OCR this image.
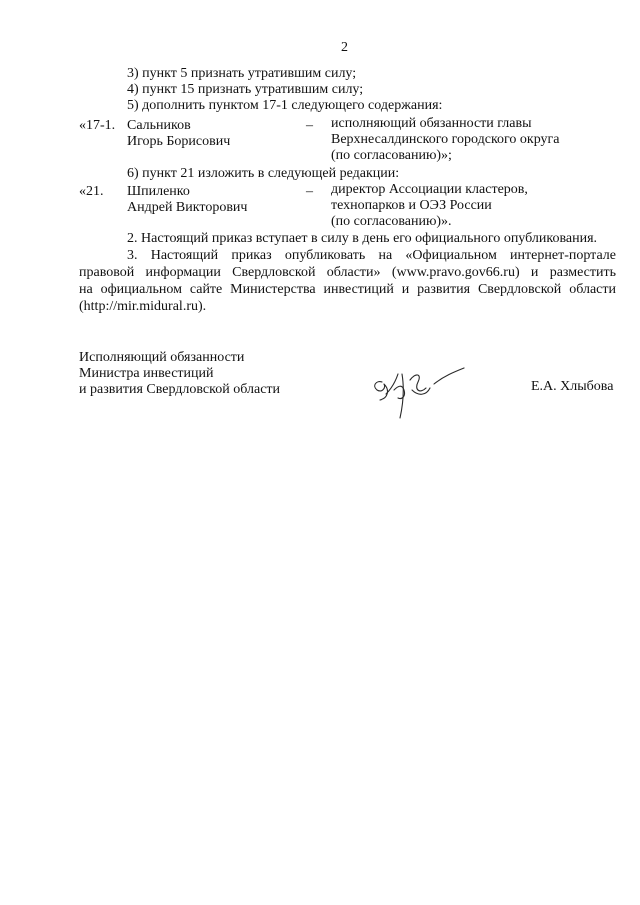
2
3) пункт 5 признать утратившим силу;
4) пункт 15 признать утратившим силу;
5) дополнить пунктом 17-1 следующего содержания:
«17-1. Сальников
Игорь Борисович
– исполняющий обязанности главы
Верхнесалдинского городского округа
(по согласованию)»;
6) пункт 21 изложить в следующей редакции:
«21. Шпиленко
Андрей Викторович
– директор Ассоциации кластеров,
технопарков и ОЭЗ России
(по согласованию)».
2. Настоящий приказ вступает в силу в день его официального опубликования.
3. Настоящий приказ опубликовать на «Официальном интернет-портале
правовой информации Свердловской области» (www.pravo.gov66.ru) и разместить
на официальном сайте Министерства инвестиций и развития Свердловской области
(http://mir.midural.ru).
Исполняющий обязанности
Министра инвестиций
и развития Свердловской области	Е.А. Хлыбова
